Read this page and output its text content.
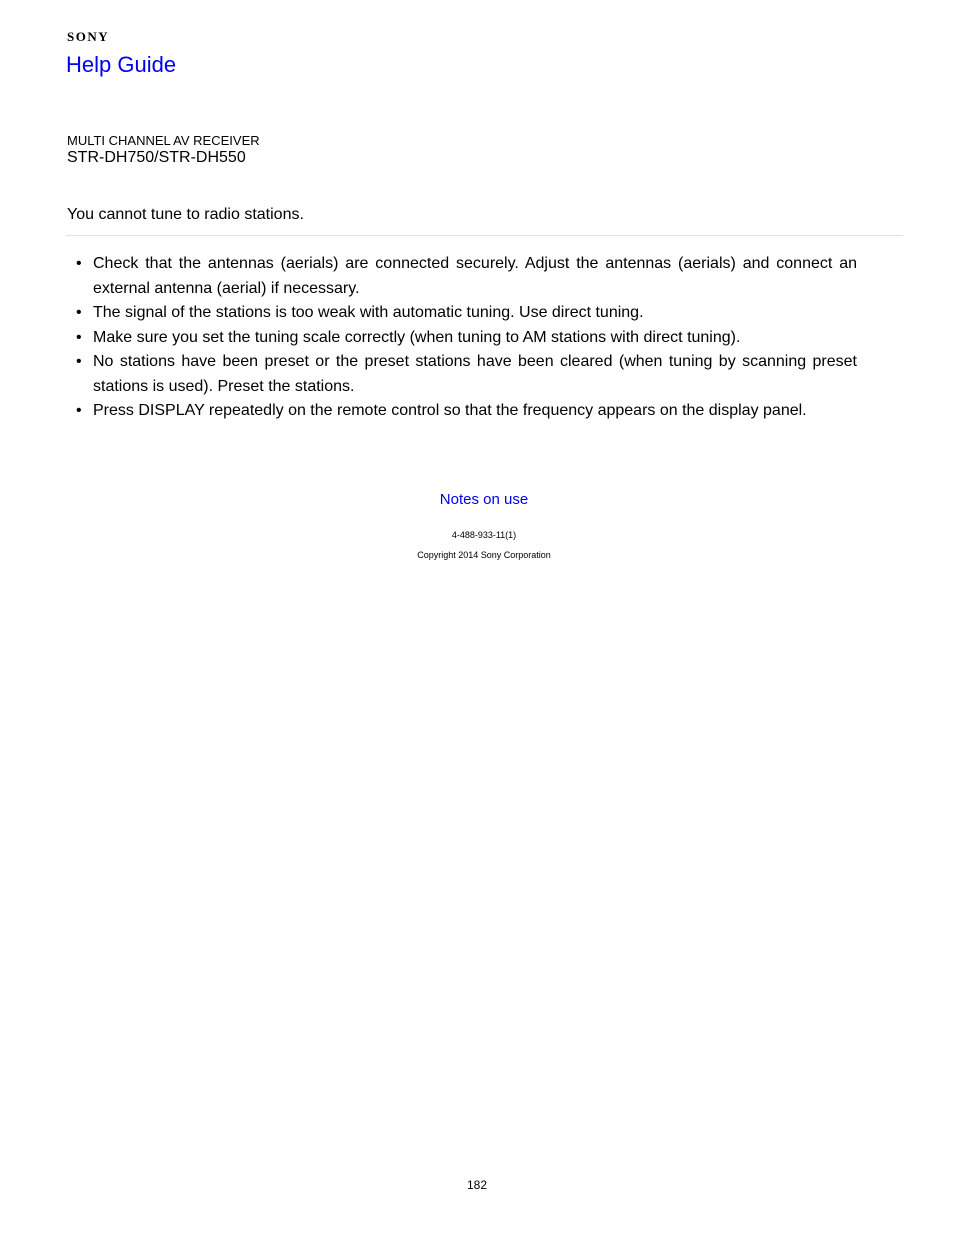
SONY
Help Guide
MULTI CHANNEL AV RECEIVER
STR-DH750/STR-DH550
You cannot tune to radio stations.
• Check that the antennas (aerials) are connected securely. Adjust the antennas (aerials) and connect an external antenna (aerial) if necessary.
• The signal of the stations is too weak with automatic tuning. Use direct tuning.
• Make sure you set the tuning scale correctly (when tuning to AM stations with direct tuning).
• No stations have been preset or the preset stations have been cleared (when tuning by scanning preset stations is used). Preset the stations.
• Press DISPLAY repeatedly on the remote control so that the frequency appears on the display panel.
Notes on use
4-488-933-11(1)
Copyright 2014 Sony Corporation
182
